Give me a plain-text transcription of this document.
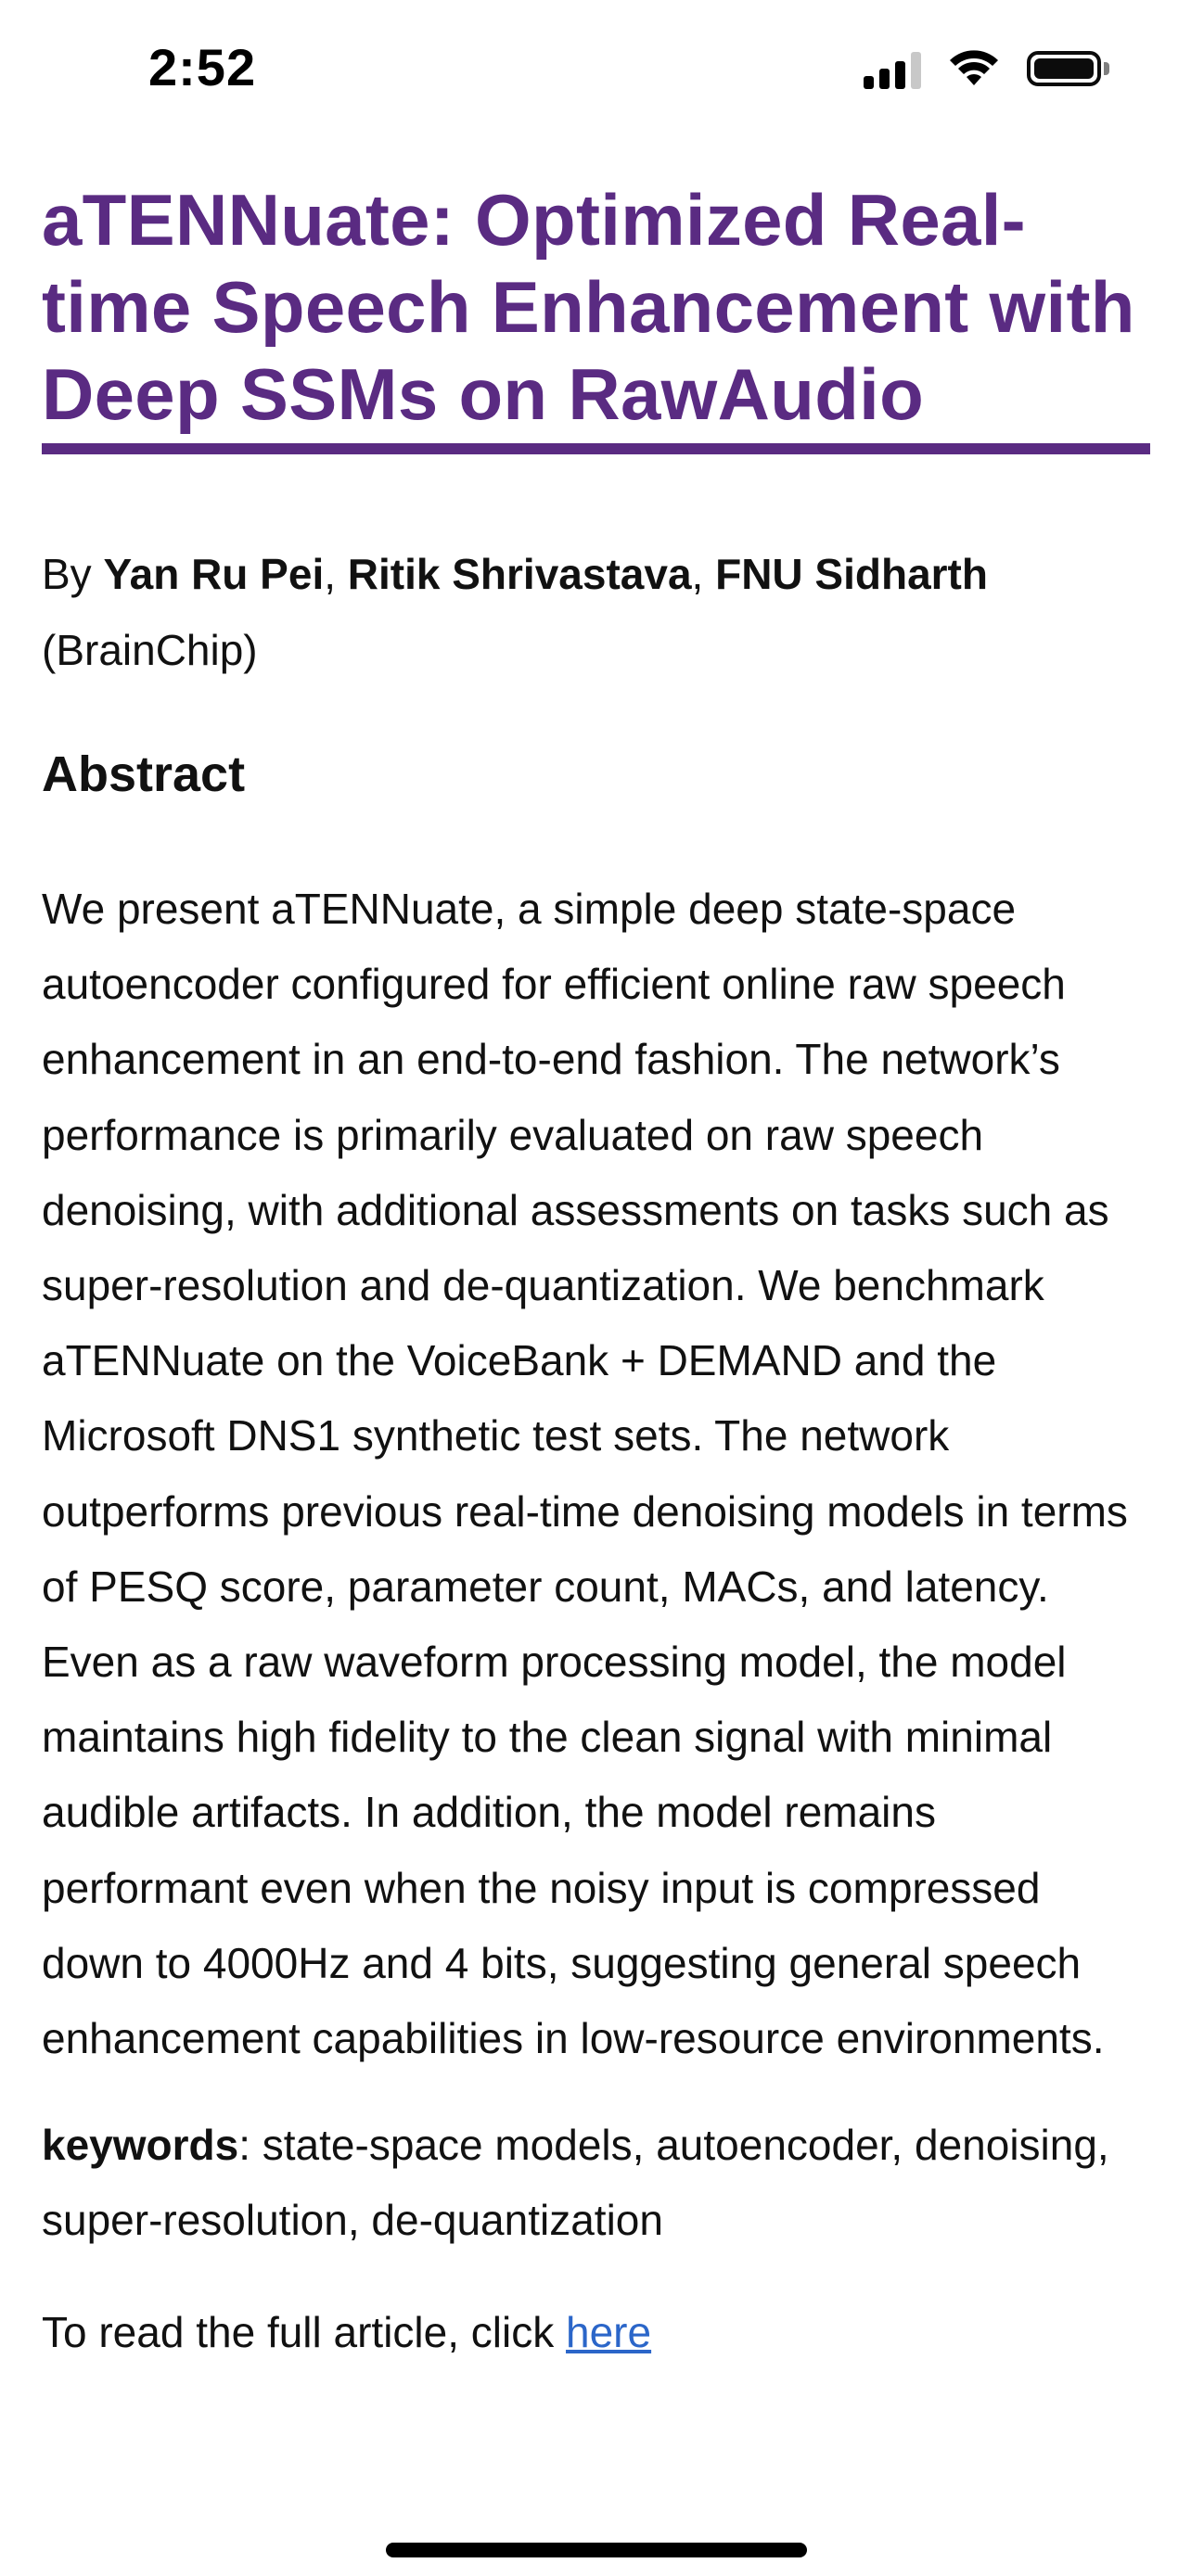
2:52
aTENNuate: Optimized Real-time Speech Enhancement with Deep SSMs on RawAudio

By Yan Ru Pei, Ritik Shrivastava, FNU Sidharth
(BrainChip)

Abstract

We present aTENNuate, a simple deep state-space autoencoder configured for efficient online raw speech enhancement in an end-to-end fashion. The network’s performance is primarily evaluated on raw speech denoising, with additional assessments on tasks such as super-resolution and de-quantization. We benchmark aTENNuate on the VoiceBank + DEMAND and the Microsoft DNS1 synthetic test sets. The network outperforms previous real-time denoising models in terms of PESQ score, parameter count, MACs, and latency. Even as a raw waveform processing model, the model maintains high fidelity to the clean signal with minimal audible artifacts. In addition, the model remains performant even when the noisy input is compressed down to 4000Hz and 4 bits, suggesting general speech enhancement capabilities in low-resource environments.

keywords: state-space models, autoencoder, denoising, super-resolution, de-quantization

To read the full article, click here
